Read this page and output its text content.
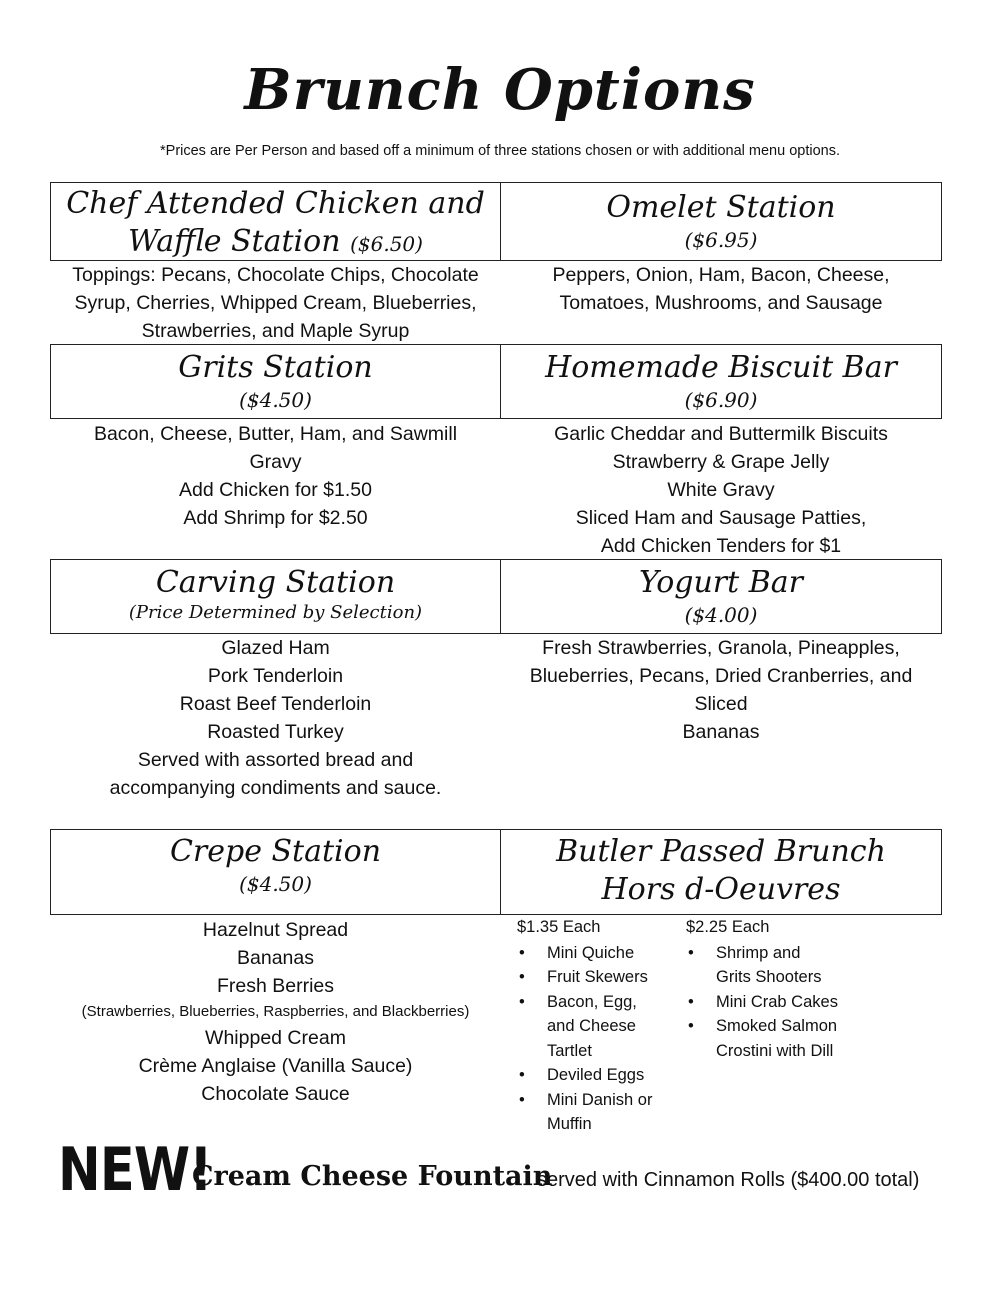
Brunch Options
*Prices are Per Person and based off a minimum of three stations chosen or with additional menu options.
Chef Attended Chicken and
Waffle Station ($6.50)
Omelet Station
($6.95)
Toppings: Pecans, Chocolate Chips, Chocolate
Syrup, Cherries, Whipped Cream, Blueberries,
Strawberries, and Maple Syrup
Peppers, Onion, Ham, Bacon, Cheese,
Tomatoes, Mushrooms, and Sausage
Grits Station
($4.50)
Homemade Biscuit Bar
($6.90)
Bacon, Cheese, Butter, Ham, and Sawmill
Gravy
Add Chicken for $1.50
Add Shrimp for $2.50
Garlic Cheddar and Buttermilk Biscuits
Strawberry & Grape Jelly
White Gravy
Sliced Ham and Sausage Patties,
Add Chicken Tenders for $1
Carving Station
(Price Determined by Selection)
Yogurt Bar
($4.00)
Glazed Ham
Pork Tenderloin
Roast Beef Tenderloin
Roasted Turkey
Served with assorted bread and
accompanying condiments and sauce.
Fresh Strawberries, Granola, Pineapples,
Blueberries, Pecans, Dried Cranberries, and
Sliced
Bananas
Crepe Station
($4.50)
Butler Passed Brunch
Hors d-Oeuvres
Hazelnut Spread
Bananas
Fresh Berries
(Strawberries, Blueberries, Raspberries, and Blackberries)
Whipped Cream
Crème Anglaise (Vanilla Sauce)
Chocolate Sauce
$1.35 Each
• Mini Quiche
• Fruit Skewers
• Bacon, Egg, and Cheese Tartlet
• Deviled Eggs
• Mini Danish or Muffin
$2.25 Each
• Shrimp and Grits Shooters
• Mini Crab Cakes
• Smoked Salmon Crostini with Dill
NEW!
Cream Cheese Fountain
served with Cinnamon Rolls ($400.00 total)
